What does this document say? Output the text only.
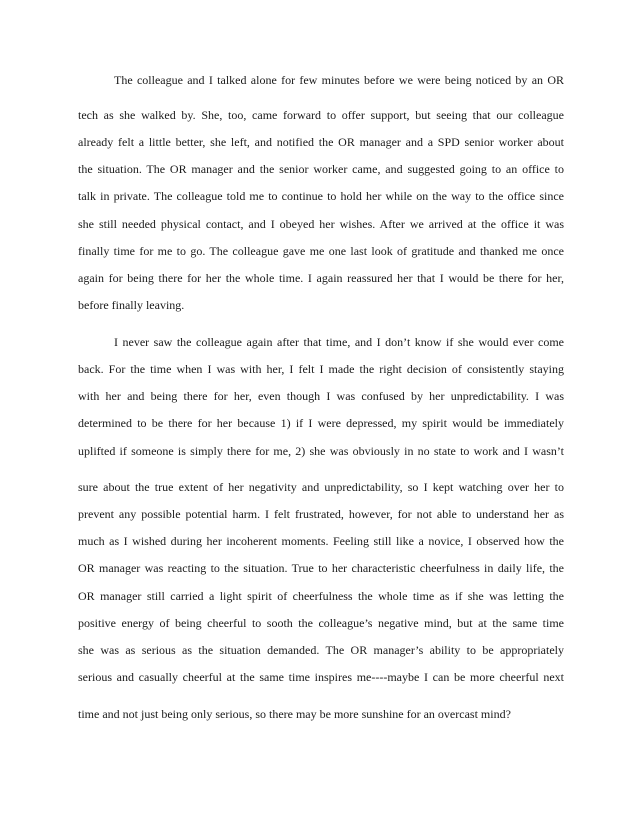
The colleague and I talked alone for few minutes before we were being noticed by an OR
tech as she walked by. She, too, came forward to offer support, but seeing that our colleague
already felt a little better, she left, and notified the OR manager and a SPD senior worker about
the situation. The OR manager and the senior worker came, and suggested going to an office to
talk in private. The colleague told me to continue to hold her while on the way to the office since
she still needed physical contact, and I obeyed her wishes. After we arrived at the office it was
finally time for me to go. The colleague gave me one last look of gratitude and thanked me once
again for being there for her the whole time. I again reassured her that I would be there for her,
before finally leaving.
I never saw the colleague again after that time, and I don’t know if she would ever come
back. For the time when I was with her, I felt I made the right decision of consistently staying
with her and being there for her, even though I was confused by her unpredictability. I was
determined to be there for her because 1) if I were depressed, my spirit would be immediately
uplifted if someone is simply there for me, 2) she was obviously in no state to work and I wasn’t
sure about the true extent of her negativity and unpredictability, so I kept watching over her to
prevent any possible potential harm. I felt frustrated, however, for not able to understand her as
much as I wished during her incoherent moments. Feeling still like a novice, I observed how the
OR manager was reacting to the situation. True to her characteristic cheerfulness in daily life, the
OR manager still carried a light spirit of cheerfulness the whole time as if she was letting the
positive energy of being cheerful to sooth the colleague’s negative mind, but at the same time
she was as serious as the situation demanded. The OR manager’s ability to be appropriately
serious and casually cheerful at the same time inspires me----maybe I can be more cheerful next
time and not just being only serious, so there may be more sunshine for an overcast mind?
